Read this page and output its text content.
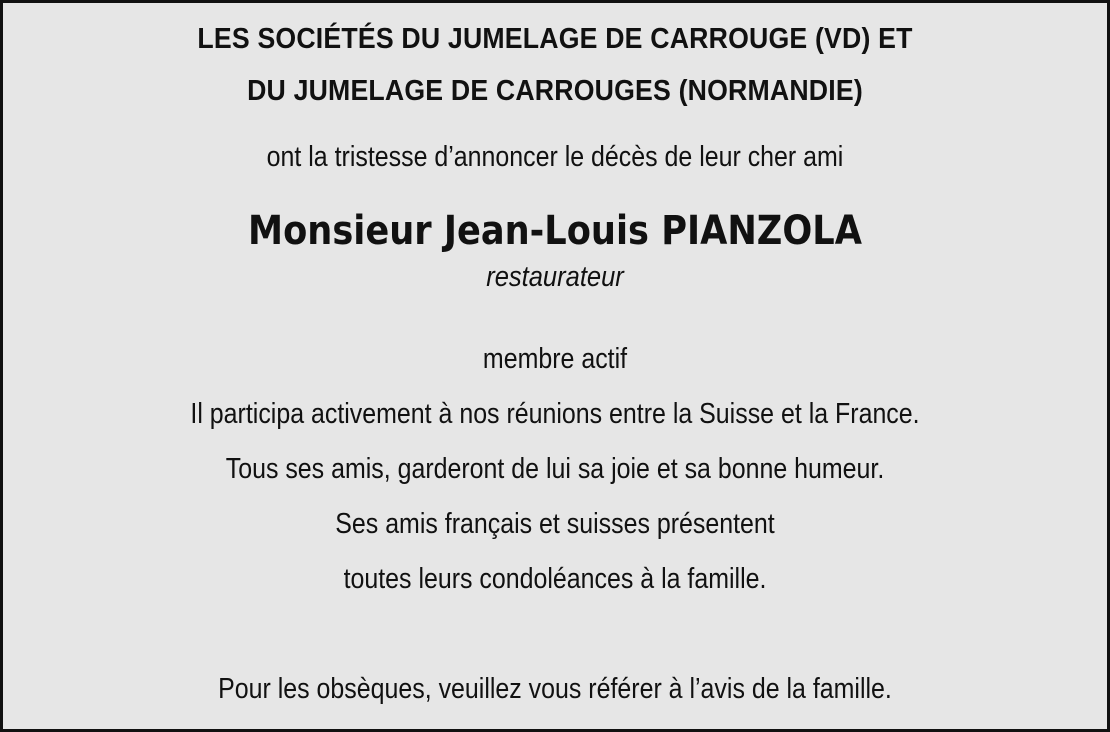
LES SOCIÉTÉS DU JUMELAGE DE CARROUGE (VD) ET

DU JUMELAGE DE CARROUGES (NORMANDIE)

ont la tristesse d’annoncer le décès de leur cher ami

Monsieur Jean-Louis PIANZOLA

restaurateur

membre actif

Il participa activement à nos réunions entre la Suisse et la France.

Tous ses amis, garderont de lui sa joie et sa bonne humeur.

Ses amis français et suisses présentent

toutes leurs condoléances à la famille.

Pour les obsèques, veuillez vous référer à l’avis de la famille.
